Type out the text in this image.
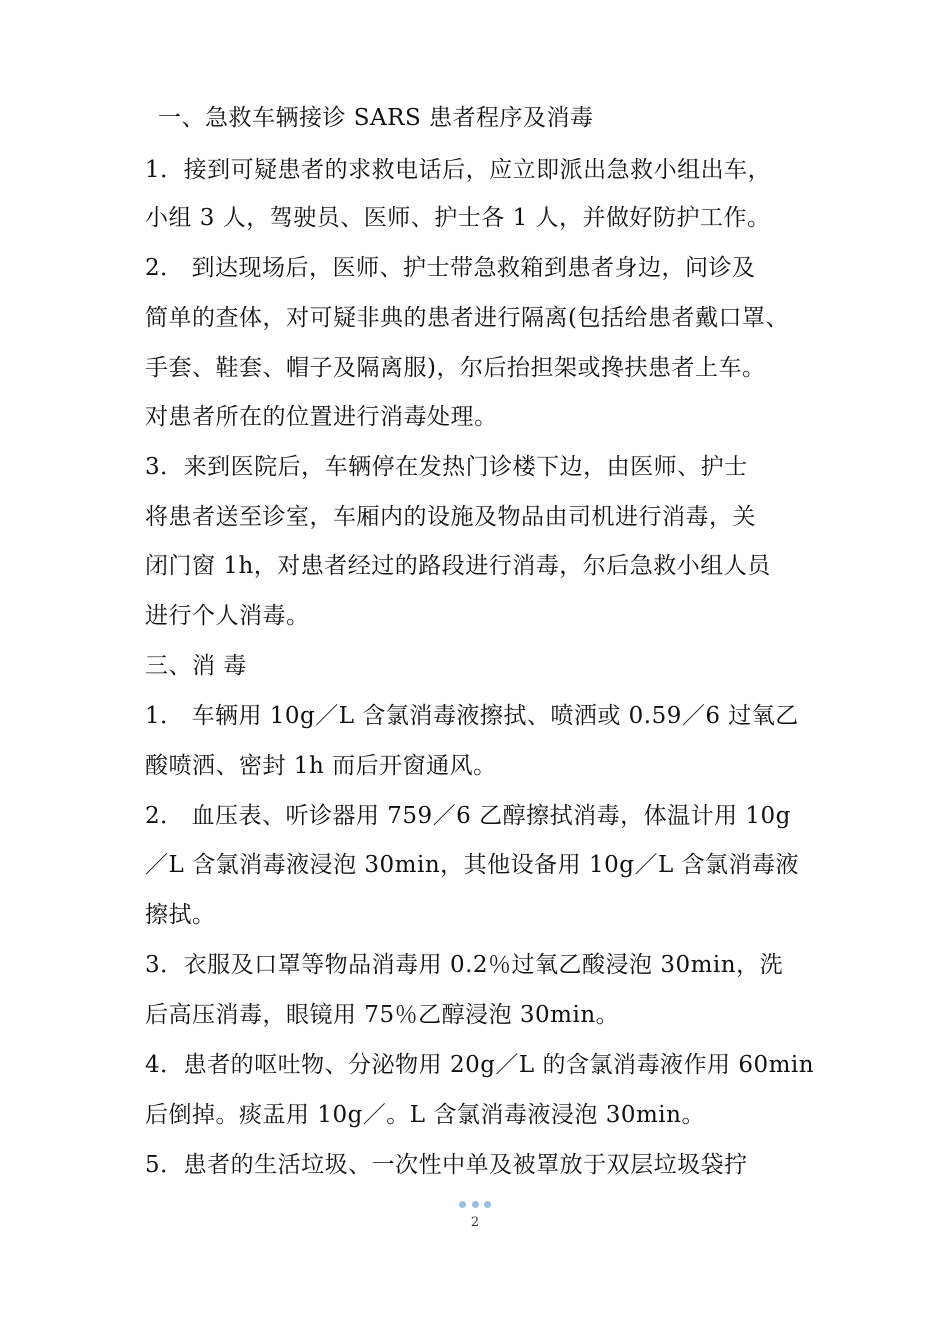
一、急救车辆接诊 SARS 患者程序及消毒
1．接到可疑患者的求救电话后，应立即派出急救小组出车，
小组 3 人，驾驶员、医师、护士各 1 人，并做好防护工作。
2． 到达现场后，医师、护士带急救箱到患者身边，问诊及
简单的查体，对可疑非典的患者进行隔离(包括给患者戴口罩、
手套、鞋套、帽子及隔离服)，尔后抬担架或搀扶患者上车。
对患者所在的位置进行消毒处理。
3．来到医院后，车辆停在发热门诊楼下边，由医师、护士
将患者送至诊室，车厢内的设施及物品由司机进行消毒，关
闭门窗 1h，对患者经过的路段进行消毒，尔后急救小组人员
进行个人消毒。
三、消 毒
1． 车辆用 10g／L 含氯消毒液擦拭、喷洒或 0.59／6 过氧乙
酸喷洒、密封 1h 而后开窗通风。
2． 血压表、听诊器用 759／6 乙醇擦拭消毒，体温计用 10g
／L 含氯消毒液浸泡 30min，其他设备用 10g／L 含氯消毒液
擦拭。
3．衣服及口罩等物品消毒用 0.2％过氧乙酸浸泡 30min，洗
后高压消毒，眼镜用 75％乙醇浸泡 30min。
4．患者的呕吐物、分泌物用 20g／L 的含氯消毒液作用 60min
后倒掉。痰盂用 10g／。L 含氯消毒液浸泡 30min。
5．患者的生活垃圾、一次性中单及被罩放于双层垃圾袋拧
2
